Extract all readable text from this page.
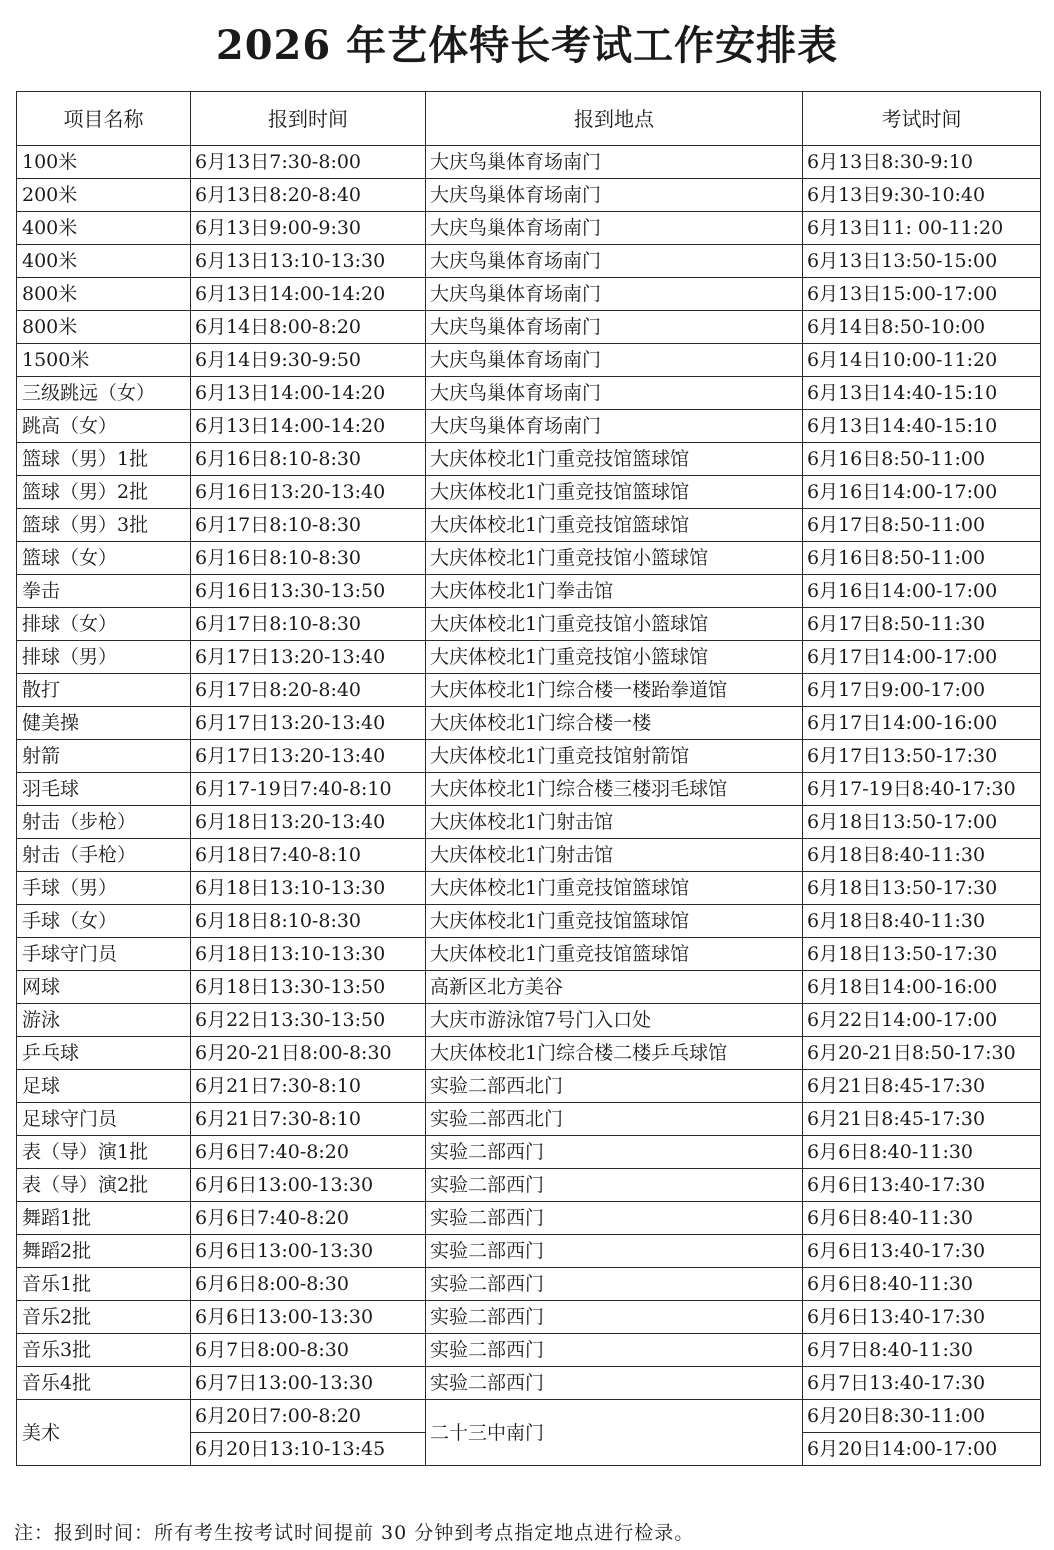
2026 年艺体特长考试工作安排表
项目名称	报到时间	报到地点	考试时间
100米	6月13日7:30-8:00	大庆鸟巢体育场南门	6月13日8:30-9:10
200米	6月13日8:20-8:40	大庆鸟巢体育场南门	6月13日9:30-10:40
400米	6月13日9:00-9:30	大庆鸟巢体育场南门	6月13日11: 00-11:20
400米	6月13日13:10-13:30	大庆鸟巢体育场南门	6月13日13:50-15:00
800米	6月13日14:00-14:20	大庆鸟巢体育场南门	6月13日15:00-17:00
800米	6月14日8:00-8:20	大庆鸟巢体育场南门	6月14日8:50-10:00
1500米	6月14日9:30-9:50	大庆鸟巢体育场南门	6月14日10:00-11:20
三级跳远（女）	6月13日14:00-14:20	大庆鸟巢体育场南门	6月13日14:40-15:10
跳高（女）	6月13日14:00-14:20	大庆鸟巢体育场南门	6月13日14:40-15:10
篮球（男）1批	6月16日8:10-8:30	大庆体校北1门重竞技馆篮球馆	6月16日8:50-11:00
篮球（男）2批	6月16日13:20-13:40	大庆体校北1门重竞技馆篮球馆	6月16日14:00-17:00
篮球（男）3批	6月17日8:10-8:30	大庆体校北1门重竞技馆篮球馆	6月17日8:50-11:00
篮球（女）	6月16日8:10-8:30	大庆体校北1门重竞技馆小篮球馆	6月16日8:50-11:00
拳击	6月16日13:30-13:50	大庆体校北1门拳击馆	6月16日14:00-17:00
排球（女）	6月17日8:10-8:30	大庆体校北1门重竞技馆小篮球馆	6月17日8:50-11:30
排球（男）	6月17日13:20-13:40	大庆体校北1门重竞技馆小篮球馆	6月17日14:00-17:00
散打	6月17日8:20-8:40	大庆体校北1门综合楼一楼跆拳道馆	6月17日9:00-17:00
健美操	6月17日13:20-13:40	大庆体校北1门综合楼一楼	6月17日14:00-16:00
射箭	6月17日13:20-13:40	大庆体校北1门重竞技馆射箭馆	6月17日13:50-17:30
羽毛球	6月17-19日7:40-8:10	大庆体校北1门综合楼三楼羽毛球馆	6月17-19日8:40-17:30
射击（步枪）	6月18日13:20-13:40	大庆体校北1门射击馆	6月18日13:50-17:00
射击（手枪）	6月18日7:40-8:10	大庆体校北1门射击馆	6月18日8:40-11:30
手球（男）	6月18日13:10-13:30	大庆体校北1门重竞技馆篮球馆	6月18日13:50-17:30
手球（女）	6月18日8:10-8:30	大庆体校北1门重竞技馆篮球馆	6月18日8:40-11:30
手球守门员	6月18日13:10-13:30	大庆体校北1门重竞技馆篮球馆	6月18日13:50-17:30
网球	6月18日13:30-13:50	高新区北方美谷	6月18日14:00-16:00
游泳	6月22日13:30-13:50	大庆市游泳馆7号门入口处	6月22日14:00-17:00
乒乓球	6月20-21日8:00-8:30	大庆体校北1门综合楼二楼乒乓球馆	6月20-21日8:50-17:30
足球	6月21日7:30-8:10	实验二部西北门	6月21日8:45-17:30
足球守门员	6月21日7:30-8:10	实验二部西北门	6月21日8:45-17:30
表（导）演1批	6月6日7:40-8:20	实验二部西门	6月6日8:40-11:30
表（导）演2批	6月6日13:00-13:30	实验二部西门	6月6日13:40-17:30
舞蹈1批	6月6日7:40-8:20	实验二部西门	6月6日8:40-11:30
舞蹈2批	6月6日13:00-13:30	实验二部西门	6月6日13:40-17:30
音乐1批	6月6日8:00-8:30	实验二部西门	6月6日8:40-11:30
音乐2批	6月6日13:00-13:30	实验二部西门	6月6日13:40-17:30
音乐3批	6月7日8:00-8:30	实验二部西门	6月7日8:40-11:30
音乐4批	6月7日13:00-13:30	实验二部西门	6月7日13:40-17:30
美术	6月20日7:00-8:20	二十三中南门	6月20日8:30-11:00
	6月20日13:10-13:45		6月20日14:00-17:00
注：报到时间：所有考生按考试时间提前 30 分钟到考点指定地点进行检录。
